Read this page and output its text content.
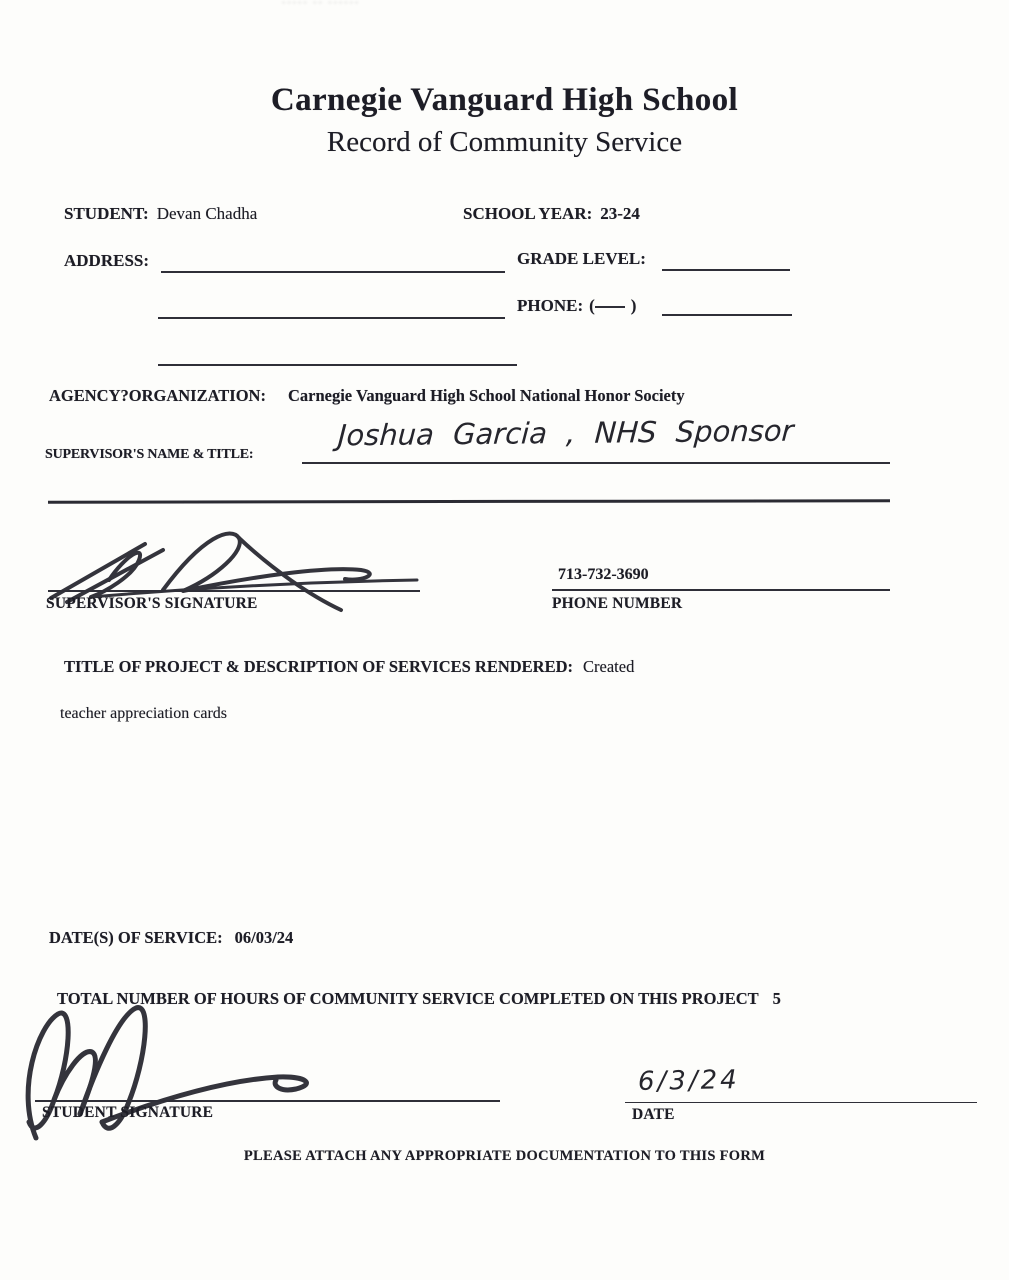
----- -- ------
Carnegie Vanguard High School
Record of Community Service
STUDENT: Devan Chadha	SCHOOL YEAR: 23-24
ADDRESS:	GRADE LEVEL:
PHONE: ( )
AGENCY?ORGANIZATION: Carnegie Vanguard High School National Honor Society
SUPERVISOR'S NAME & TITLE:
Joshua Garcia , NHS Sponsor
SUPERVISOR'S SIGNATURE
713-732-3690
PHONE NUMBER
TITLE OF PROJECT & DESCRIPTION OF SERVICES RENDERED: Created
teacher appreciation cards
DATE(S) OF SERVICE: 06/03/24
TOTAL NUMBER OF HOURS OF COMMUNITY SERVICE COMPLETED ON THIS PROJECT 5
STUDENT SIGNATURE
6/3/24
DATE
PLEASE ATTACH ANY APPROPRIATE DOCUMENTATION TO THIS FORM
